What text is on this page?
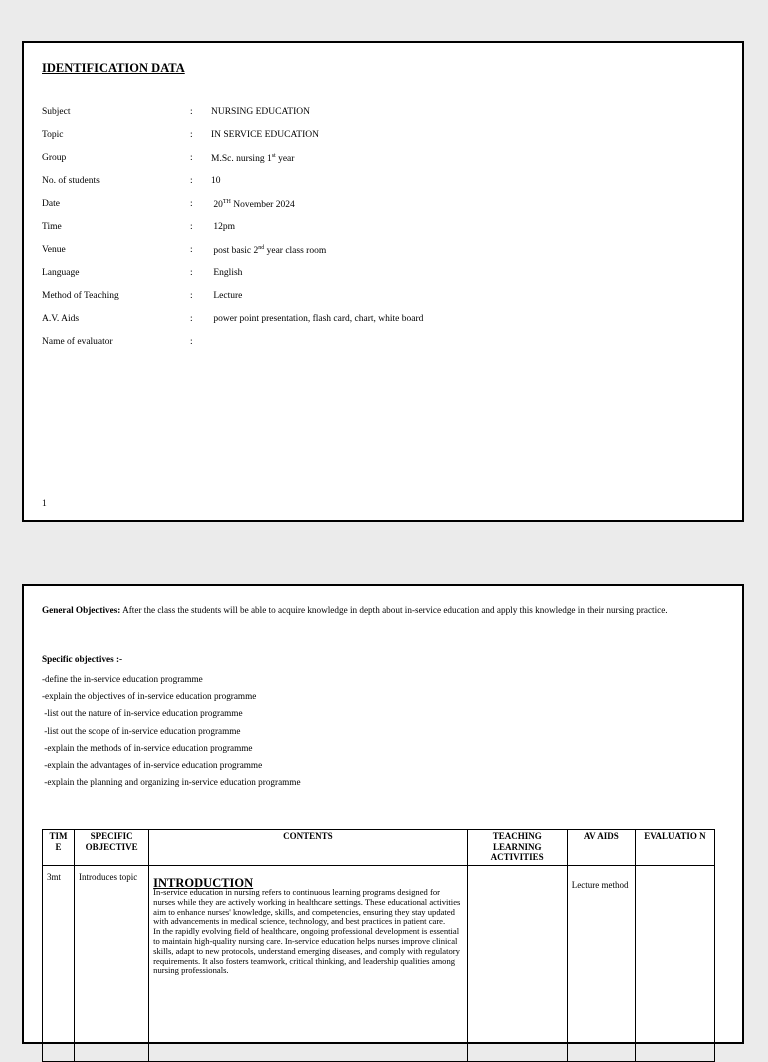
IDENTIFICATION DATA
Subject	: NURSING EDUCATION
Topic	: IN SERVICE EDUCATION
Group	: M.Sc. nursing 1st year
No. of students	: 10
Date	: 20TH November 2024
Time	: 12pm
Venue	: post basic 2nd year class room
Language	: English
Method of Teaching	: Lecture
A.V. Aids	: power point presentation, flash card, chart, white board
Name of evaluator	:
1
General Objectives: After the class the students will be able to acquire knowledge in depth about in-service education and apply this knowledge in their nursing practice.
Specific objectives :-
-define the in-service education programme
-explain the objectives of in-service education programme
-list out the nature of in-service education programme
-list out the scope of in-service education programme
-explain the methods of in-service education programme
-explain the advantages of in-service education programme
-explain the planning and organizing in-service education programme
TIM E	SPECIFIC OBJECTIVE	CONTENTS	TEACHING LEARNING ACTIVITIES	AV AIDS	EVALUATIO N
3mt	Introduces topic	INTRODUCTION
In-service education in nursing refers to continuous learning programs designed for nurses while they are actively working in healthcare settings. These educational activities aim to enhance nurses' knowledge, skills, and competencies, ensuring they stay updated with advancements in medical science, technology, and best practices in patient care.
In the rapidly evolving field of healthcare, ongoing professional development is essential to maintain high-quality nursing care. In-service education helps nurses improve clinical skills, adapt to new protocols, understand emerging diseases, and comply with regulatory requirements. It also fosters teamwork, critical thinking, and leadership qualities among nursing professionals.		Lecture method	
